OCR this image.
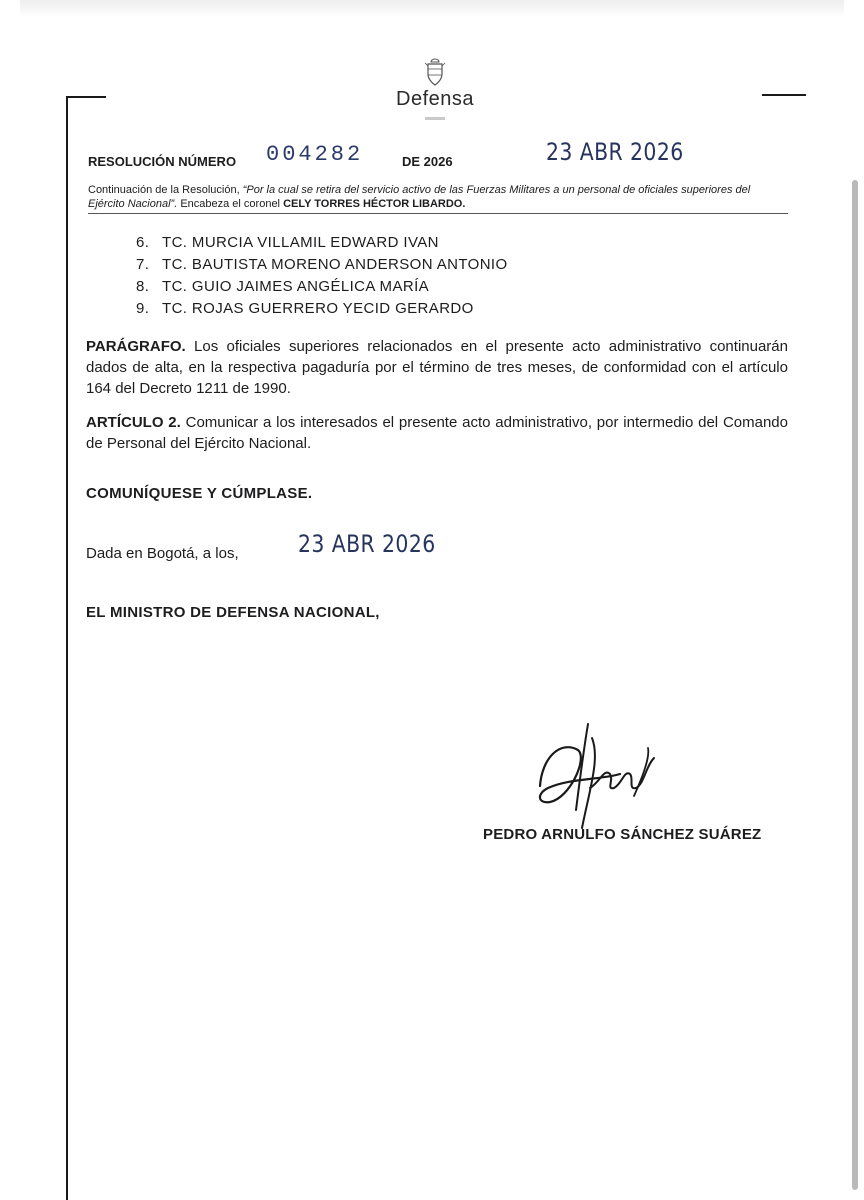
Defensa
RESOLUCIÓN NÚMERO 004282	DE 2026	23 ABR 2026
Continuación de la Resolución, “Por la cual se retira del servicio activo de las Fuerzas Militares a un personal de oficiales superiores del Ejército Nacional”. Encabeza el coronel CELY TORRES HÉCTOR LIBARDO.
6. TC. MURCIA VILLAMIL EDWARD IVAN
7. TC. BAUTISTA MORENO ANDERSON ANTONIO
8. TC. GUIO JAIMES ANGÉLICA MARÍA
9. TC. ROJAS GUERRERO YECID GERARDO

PARÁGRAFO. Los oficiales superiores relacionados en el presente acto administrativo continuarán dados de alta, en la respectiva pagaduría por el término de tres meses, de conformidad con el artículo 164 del Decreto 1211 de 1990.

ARTÍCULO 2. Comunicar a los interesados el presente acto administrativo, por intermedio del Comando de Personal del Ejército Nacional.

COMUNÍQUESE Y CÚMPLASE.
Dada en Bogotá, a los, 23 ABR 2026
EL MINISTRO DE DEFENSA NACIONAL,
PEDRO ARNULFO SÁNCHEZ SUÁREZ
